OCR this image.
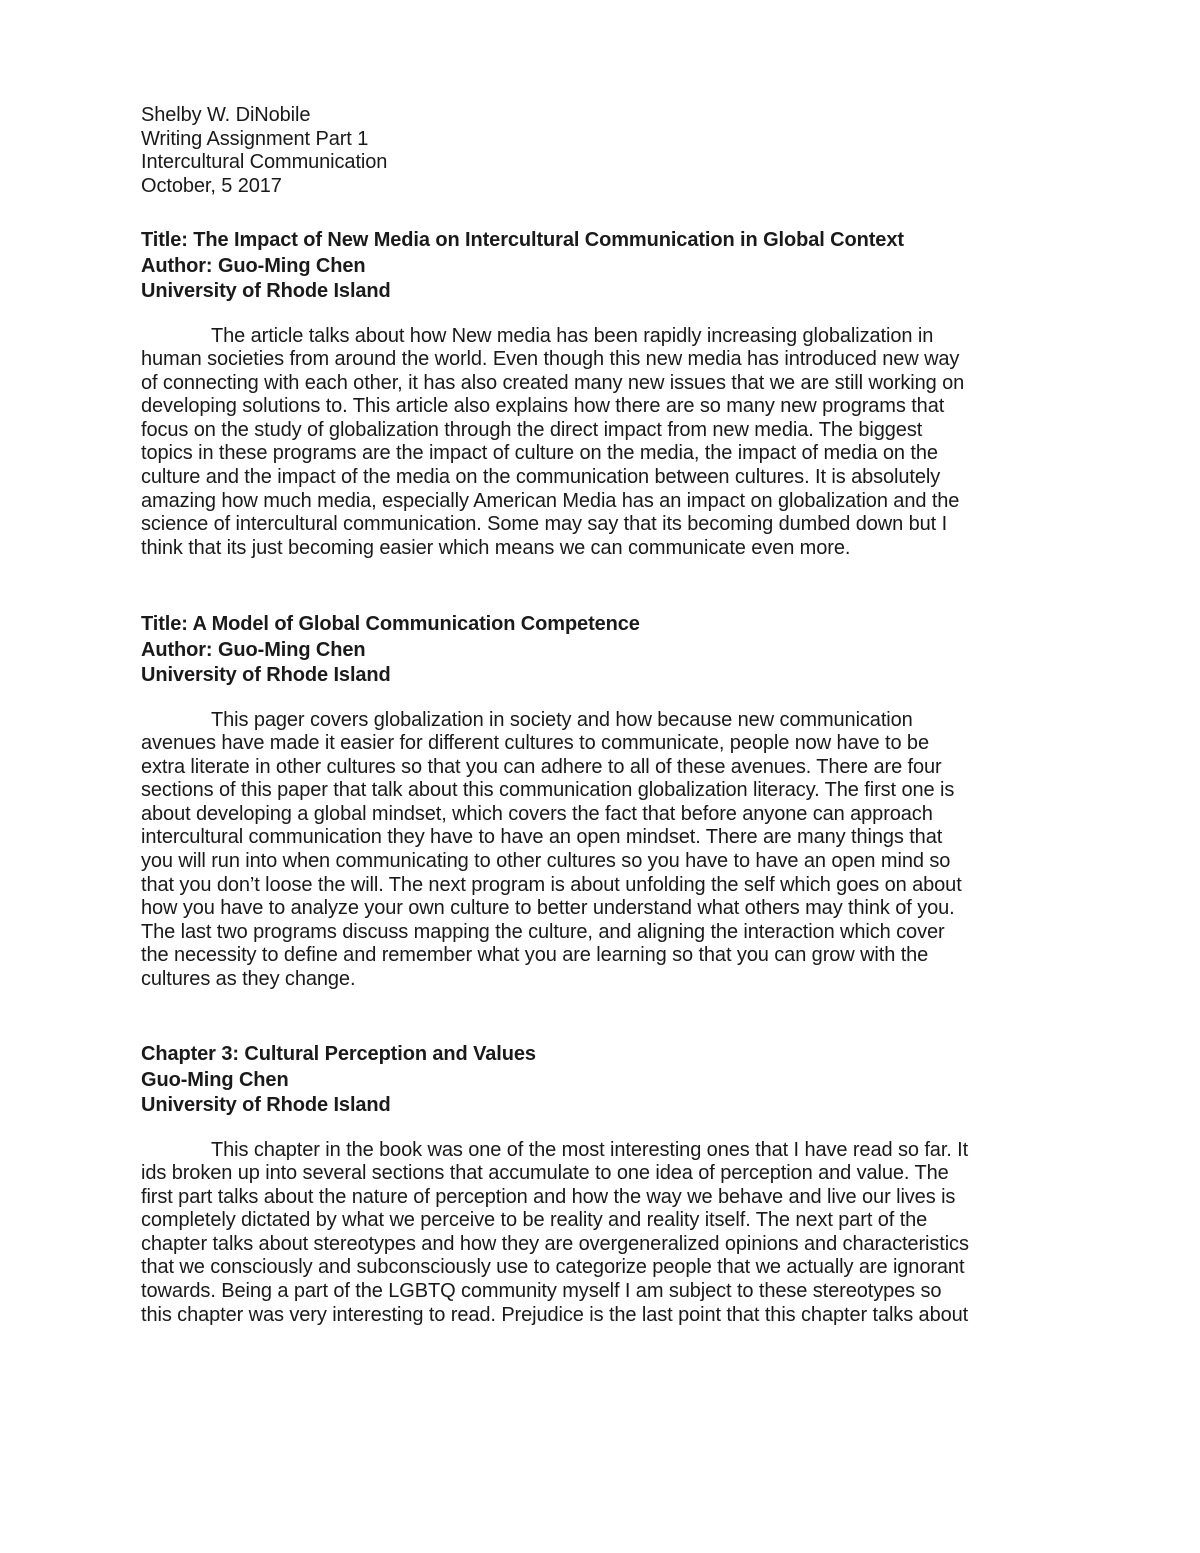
Shelby W. DiNobile
Writing Assignment Part 1
Intercultural Communication
October, 5 2017
Title: The Impact of New Media on Intercultural Communication in Global Context
Author: Guo-Ming Chen
University of Rhode Island
The article talks about how New media has been rapidly increasing globalization in
human societies from around the world. Even though this new media has introduced new way
of connecting with each other, it has also created many new issues that we are still working on
developing solutions to. This article also explains how there are so many new programs that
focus on the study of globalization through the direct impact from new media. The biggest
topics in these programs are the impact of culture on the media, the impact of media on the
culture and the impact of the media on the communication between cultures. It is absolutely
amazing how much media, especially American Media has an impact on globalization and the
science of intercultural communication. Some may say that its becoming dumbed down but I
think that its just becoming easier which means we can communicate even more.
Title: A Model of Global Communication Competence
Author: Guo-Ming Chen
University of Rhode Island
This pager covers globalization in society and how because new communication
avenues have made it easier for different cultures to communicate, people now have to be
extra literate in other cultures so that you can adhere to all of these avenues. There are four
sections of this paper that talk about this communication globalization literacy. The first one is
about developing a global mindset, which covers the fact that before anyone can approach
intercultural communication they have to have an open mindset. There are many things that
you will run into when communicating to other cultures so you have to have an open mind so
that you don’t loose the will. The next program is about unfolding the self which goes on about
how you have to analyze your own culture to better understand what others may think of you.
The last two programs discuss mapping the culture, and aligning the interaction which cover
the necessity to define and remember what you are learning so that you can grow with the
cultures as they change.
Chapter 3: Cultural Perception and Values
Guo-Ming Chen
University of Rhode Island
This chapter in the book was one of the most interesting ones that I have read so far. It
ids broken up into several sections that accumulate to one idea of perception and value. The
first part talks about the nature of perception and how the way we behave and live our lives is
completely dictated by what we perceive to be reality and reality itself. The next part of the
chapter talks about stereotypes and how they are overgeneralized opinions and characteristics
that we consciously and subconsciously use to categorize people that we actually are ignorant
towards. Being a part of the LGBTQ community myself I am subject to these stereotypes so
this chapter was very interesting to read. Prejudice is the last point that this chapter talks about
